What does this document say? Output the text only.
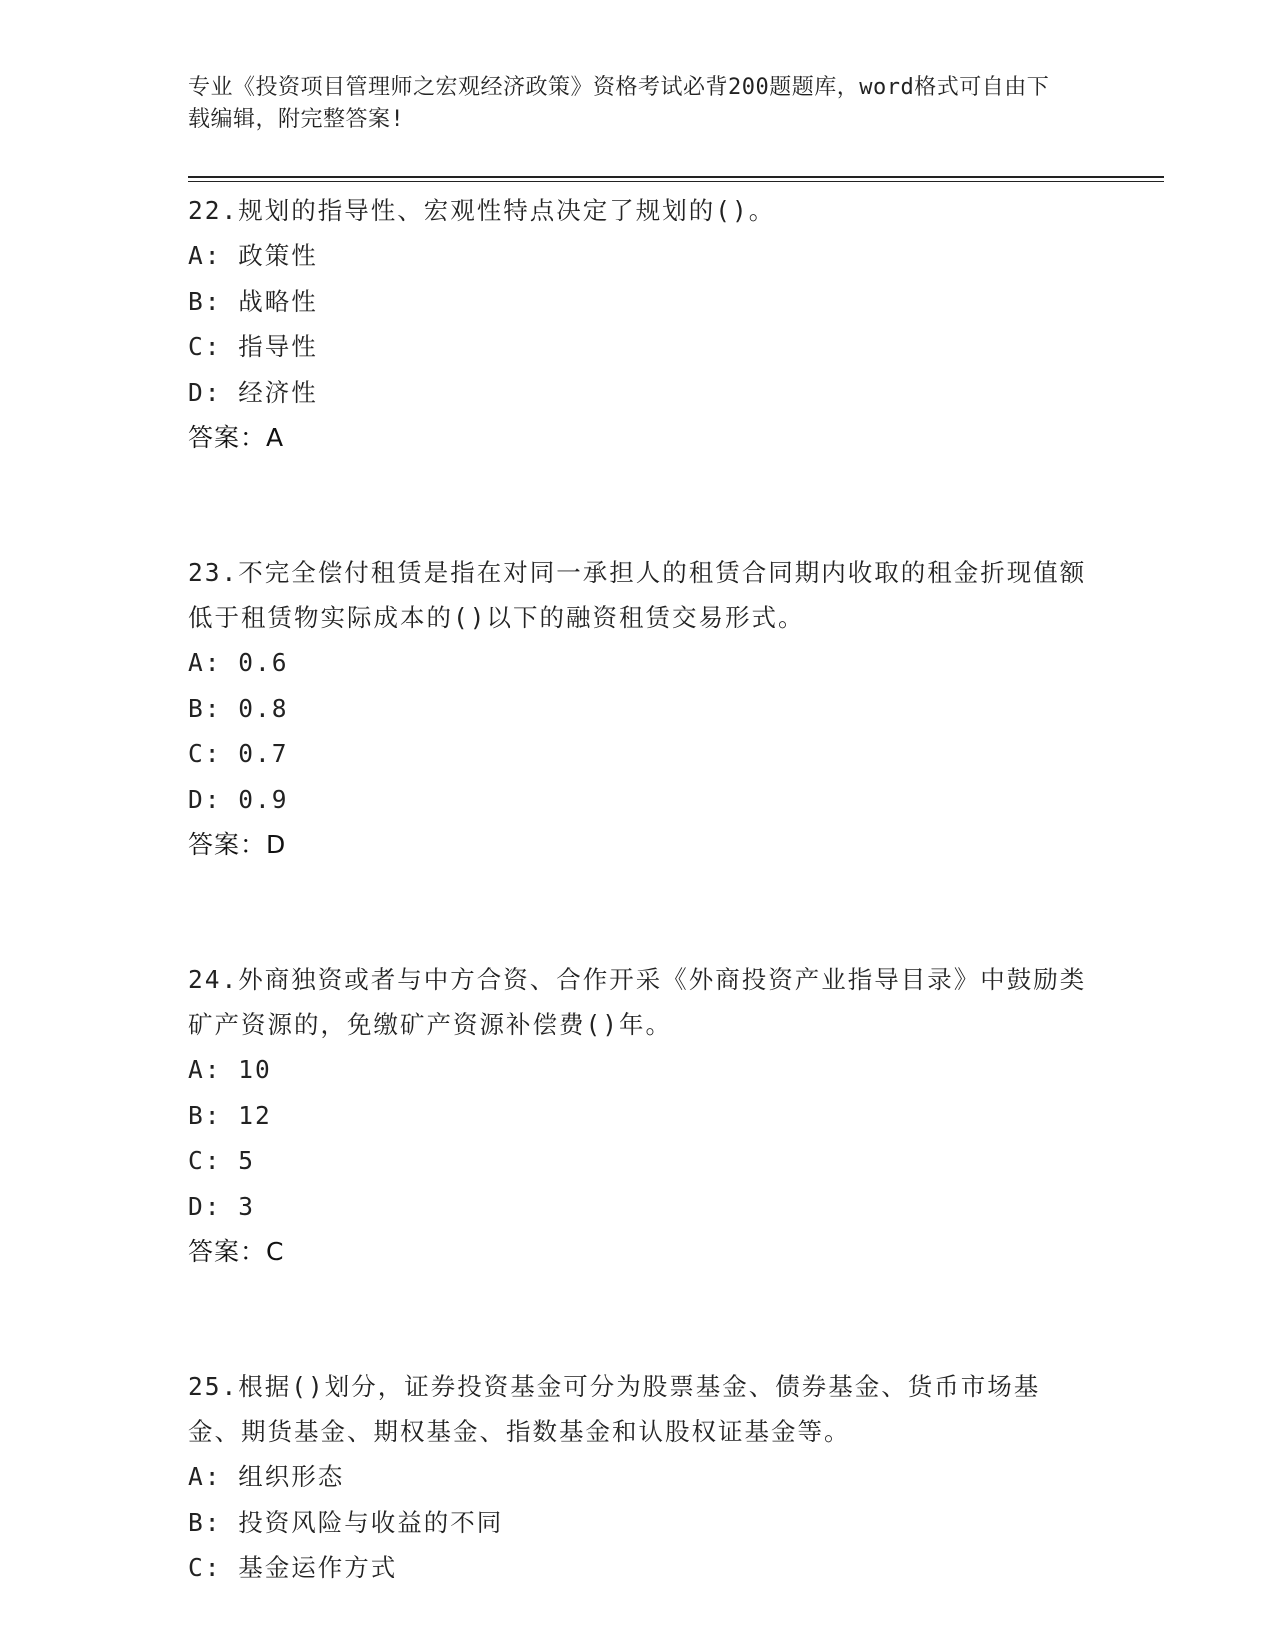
专业《投资项目管理师之宏观经济政策》资格考试必背200题题库，word格式可自由下载编辑，附完整答案!

22.规划的指导性、宏观性特点决定了规划的()。

A: 政策性

B: 战略性

C: 指导性

D: 经济性

答案：A

23.不完全偿付租赁是指在对同一承担人的租赁合同期内收取的租金折现值额低于租赁物实际成本的()以下的融资租赁交易形式。

A: 0.6

B: 0.8

C: 0.7

D: 0.9

答案：D

24.外商独资或者与中方合资、合作开采《外商投资产业指导目录》中鼓励类矿产资源的，免缴矿产资源补偿费()年。

A: 10

B: 12

C: 5

D: 3

答案：C

25.根据()划分，证券投资基金可分为股票基金、债券基金、货币市场基金、期货基金、期权基金、指数基金和认股权证基金等。

A: 组织形态

B: 投资风险与收益的不同

C: 基金运作方式
